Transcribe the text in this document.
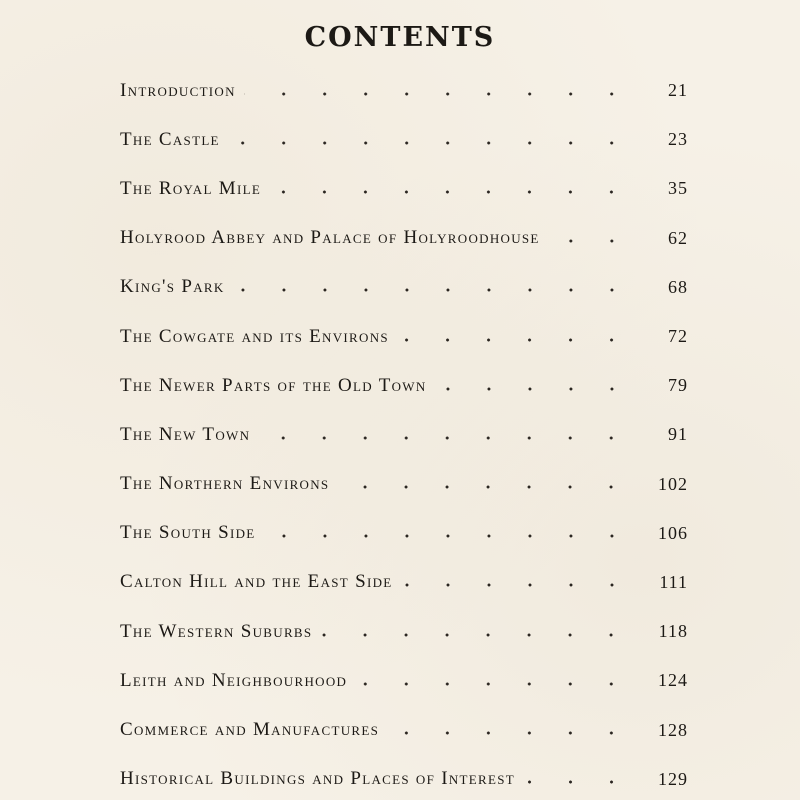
CONTENTS
Introduction	21
The Castle	23
The Royal Mile	35
Holyrood Abbey and Palace of Holyroodhouse	62
King's Park	68
The Cowgate and its Environs	72
The Newer Parts of the Old Town	79
The New Town	91
The Northern Environs	102
The South Side	106
Calton Hill and the East Side	111
The Western Suburbs	118
Leith and Neighbourhood	124
Commerce and Manufactures	128
Historical Buildings and Places of Interest	129
